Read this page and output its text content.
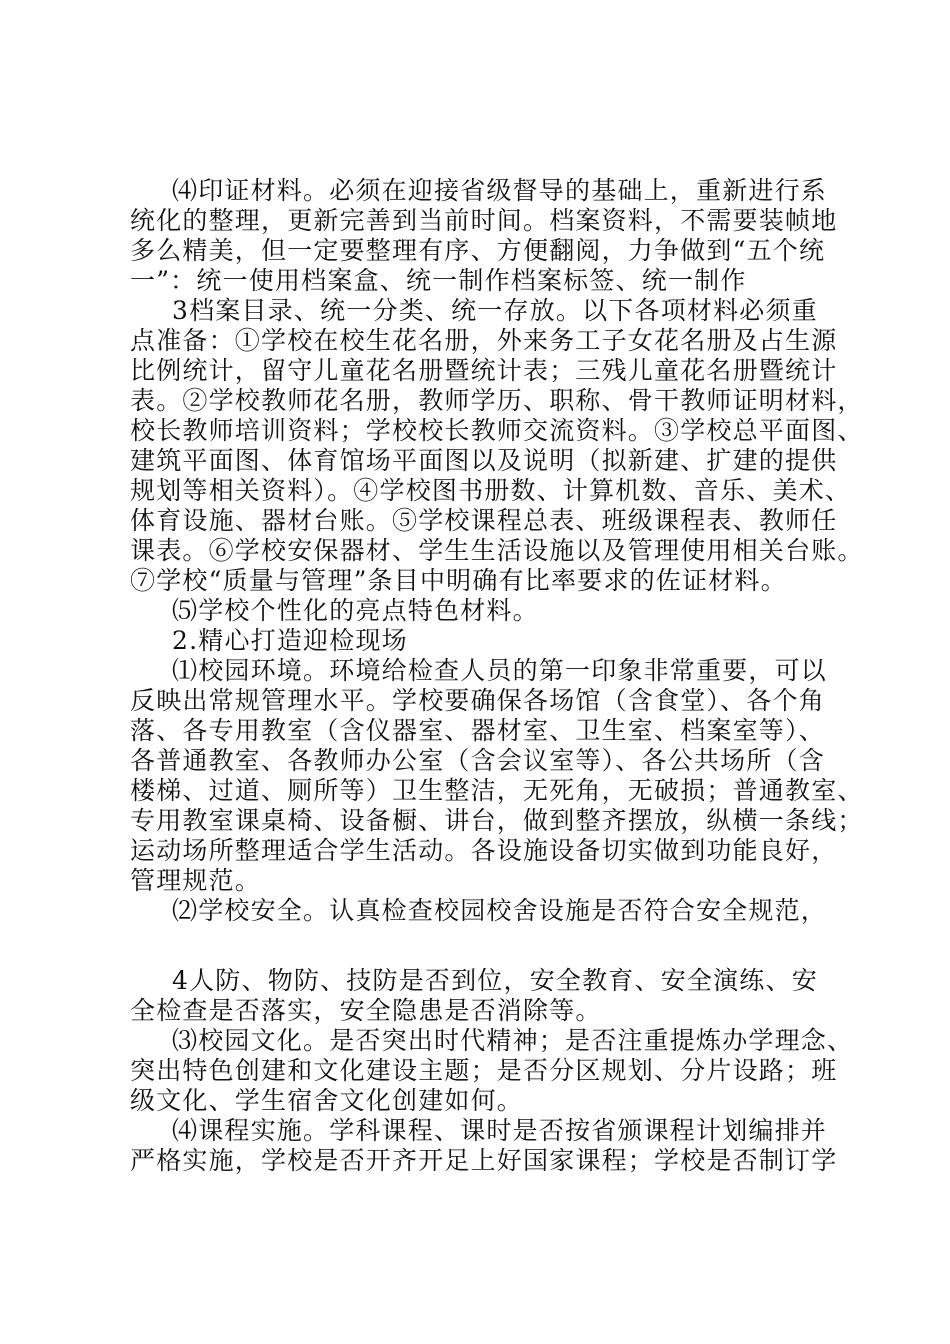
⑷印证材料。必须在迎接省级督导的基础上，重新进行系
统化的整理，更新完善到当前时间。档案资料，不需要装帧地
多么精美，但一定要整理有序、方便翻阅，力争做到“五个统
一”：统一使用档案盒、统一制作档案标签、统一制作
3档案目录、统一分类、统一存放。以下各项材料必须重
点准备：①学校在校生花名册，外来务工子女花名册及占生源
比例统计，留守儿童花名册暨统计表；三残儿童花名册暨统计
表。②学校教师花名册，教师学历、职称、骨干教师证明材料，
校长教师培训资料；学校校长教师交流资料。③学校总平面图、
建筑平面图、体育馆场平面图以及说明（拟新建、扩建的提供
规划等相关资料）。④学校图书册数、计算机数、音乐、美术、
体育设施、器材台账。⑤学校课程总表、班级课程表、教师任
课表。⑥学校安保器材、学生生活设施以及管理使用相关台账。
⑦学校“质量与管理”条目中明确有比率要求的佐证材料。
⑸学校个性化的亮点特色材料。
2.精心打造迎检现场
⑴校园环境。环境给检查人员的第一印象非常重要，可以
反映出常规管理水平。学校要确保各场馆（含食堂）、各个角
落、各专用教室（含仪器室、器材室、卫生室、档案室等）、
各普通教室、各教师办公室（含会议室等）、各公共场所（含
楼梯、过道、厕所等）卫生整洁，无死角，无破损；普通教室、
专用教室课桌椅、设备橱、讲台，做到整齐摆放，纵横一条线；
运动场所整理适合学生活动。各设施设备切实做到功能良好，
管理规范。
⑵学校安全。认真检查校园校舍设施是否符合安全规范，
4人防、物防、技防是否到位，安全教育、安全演练、安
全检查是否落实，安全隐患是否消除等。
⑶校园文化。是否突出时代精神；是否注重提炼办学理念、
突出特色创建和文化建设主题；是否分区规划、分片设路；班
级文化、学生宿舍文化创建如何。
⑷课程实施。学科课程、课时是否按省颁课程计划编排并
严格实施，学校是否开齐开足上好国家课程；学校是否制订学
